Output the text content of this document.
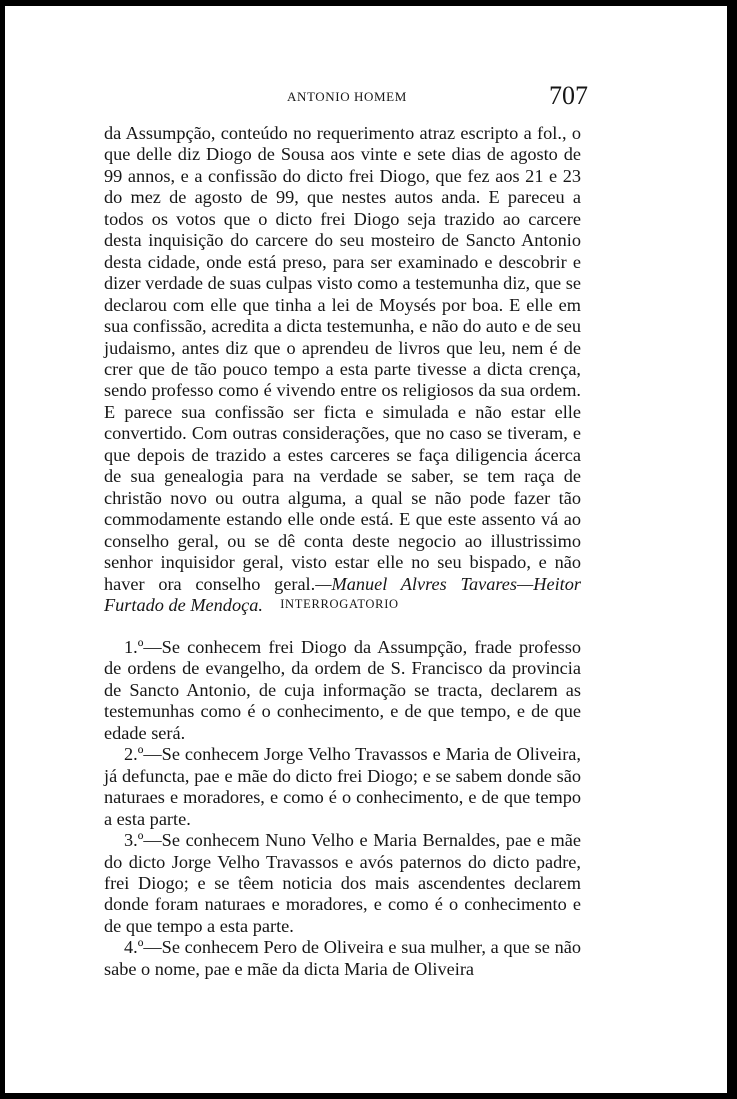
ANTONIO HOMEM	707

da Assumpção, conteúdo no requerimento atraz escripto a fol., o que delle diz Diogo de Sousa aos vinte e sete dias de agosto de 99 annos, e a confissão do dicto frei Diogo, que fez aos 21 e 23 do mez de agosto de 99, que nestes autos anda. E pareceu a todos os votos que o dicto frei Diogo seja trazido ao carcere desta inquisição do carcere do seu mosteiro de Sancto Antonio desta cidade, onde está preso, para ser examinado e descobrir e dizer verdade de suas culpas visto como a testemunha diz, que se declarou com elle que tinha a lei de Moysés por boa. E elle em sua confissão, acredita a dicta testemunha, e não do auto e de seu judaismo, antes diz que o aprendeu de livros que leu, nem é de crer que de tão pouco tempo a esta parte tivesse a dicta crença, sendo professo como é vivendo entre os religiosos da sua ordem. E parece sua confissão ser ficta e simulada e não estar elle convertido. Com outras considerações, que no caso se tiveram, e que depois de trazido a estes carceres se faça diligencia ácerca de sua genealogia para na verdade se saber, se tem raça de christão novo ou outra alguma, a qual se não pode fazer tão commodamente estando elle onde está. E que este assento vá ao conselho geral, ou se dê conta deste negocio ao illustrissimo senhor inquisidor geral, visto estar elle no seu bispado, e não haver ora conselho geral.—Manuel Alvres Tavares—Heitor Furtado de Mendoça.	INTERROGATORIO

1.º—Se conhecem frei Diogo da Assumpção, frade professo de ordens de evangelho, da ordem de S. Francisco da provincia de Sancto Antonio, de cuja informação se tracta, declarem as testemunhas como é o conhecimento, e de que tempo, e de que edade será.

2.º—Se conhecem Jorge Velho Travassos e Maria de Oliveira, já defuncta, pae e mãe do dicto frei Diogo; e se sabem donde são naturaes e moradores, e como é o conhecimento, e de que tempo a esta parte.

3.º—Se conhecem Nuno Velho e Maria Bernaldes, pae e mãe do dicto Jorge Velho Travassos e avós paternos do dicto padre, frei Diogo; e se têem noticia dos mais ascendentes declarem donde foram naturaes e moradores, e como é o conhecimento e de que tempo a esta parte.

4.º—Se conhecem Pero de Oliveira e sua mulher, a que se não sabe o nome, pae e mãe da dicta Maria de Oliveira
